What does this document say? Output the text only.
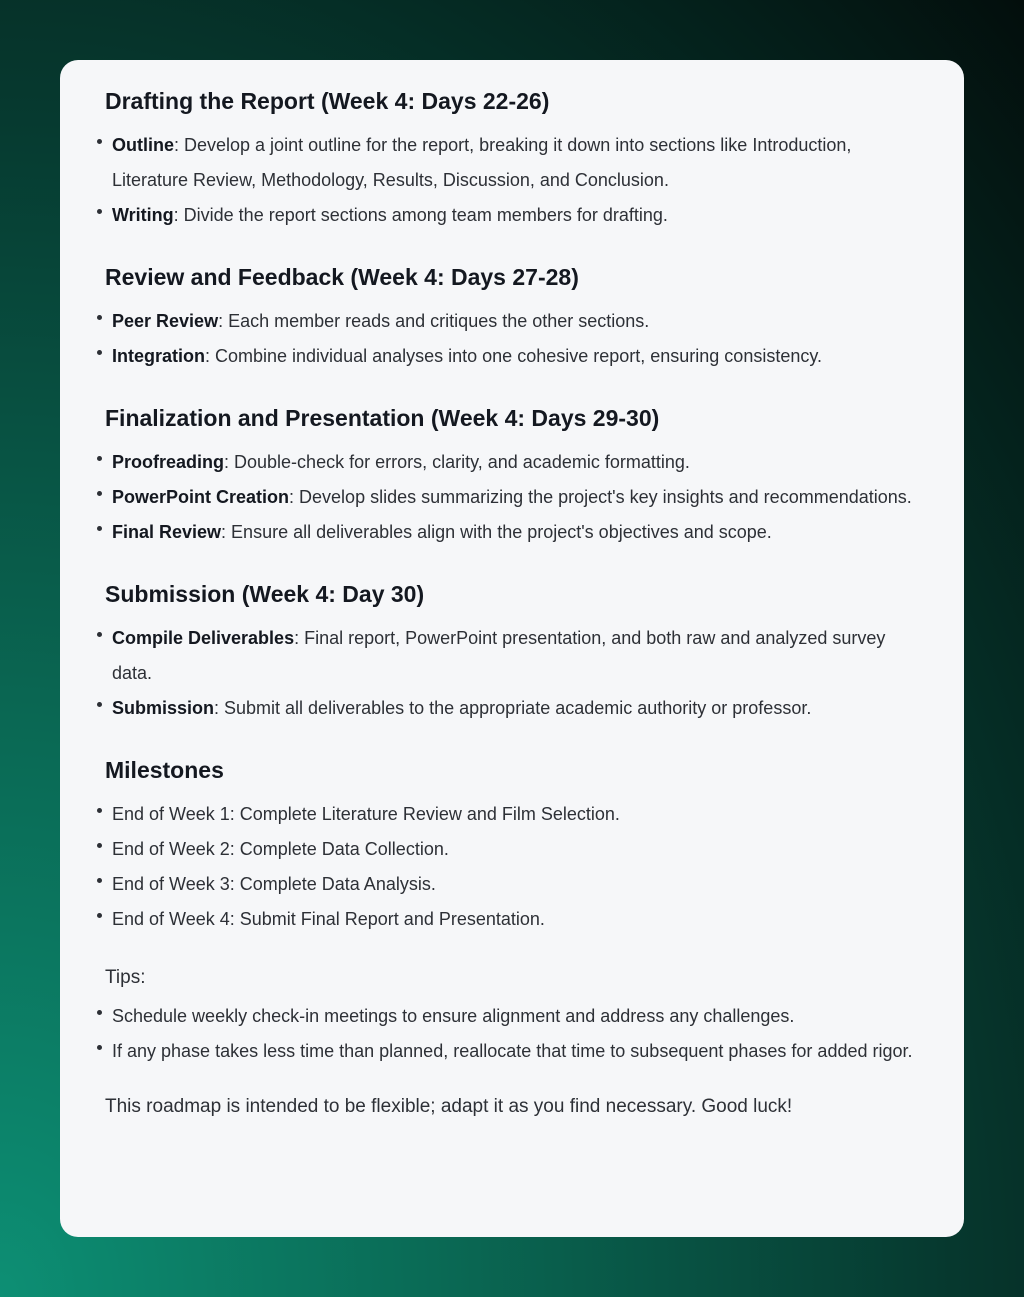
Drafting the Report (Week 4: Days 22-26)
Outline: Develop a joint outline for the report, breaking it down into sections like Introduction, Literature Review, Methodology, Results, Discussion, and Conclusion.
Writing: Divide the report sections among team members for drafting.
Review and Feedback (Week 4: Days 27-28)
Peer Review: Each member reads and critiques the other sections.
Integration: Combine individual analyses into one cohesive report, ensuring consistency.
Finalization and Presentation (Week 4: Days 29-30)
Proofreading: Double-check for errors, clarity, and academic formatting.
PowerPoint Creation: Develop slides summarizing the project's key insights and recommendations.
Final Review: Ensure all deliverables align with the project's objectives and scope.
Submission (Week 4: Day 30)
Compile Deliverables: Final report, PowerPoint presentation, and both raw and analyzed survey data.
Submission: Submit all deliverables to the appropriate academic authority or professor.
Milestones
End of Week 1: Complete Literature Review and Film Selection.
End of Week 2: Complete Data Collection.
End of Week 3: Complete Data Analysis.
End of Week 4: Submit Final Report and Presentation.
Tips:
Schedule weekly check-in meetings to ensure alignment and address any challenges.
If any phase takes less time than planned, reallocate that time to subsequent phases for added rigor.
This roadmap is intended to be flexible; adapt it as you find necessary. Good luck!
